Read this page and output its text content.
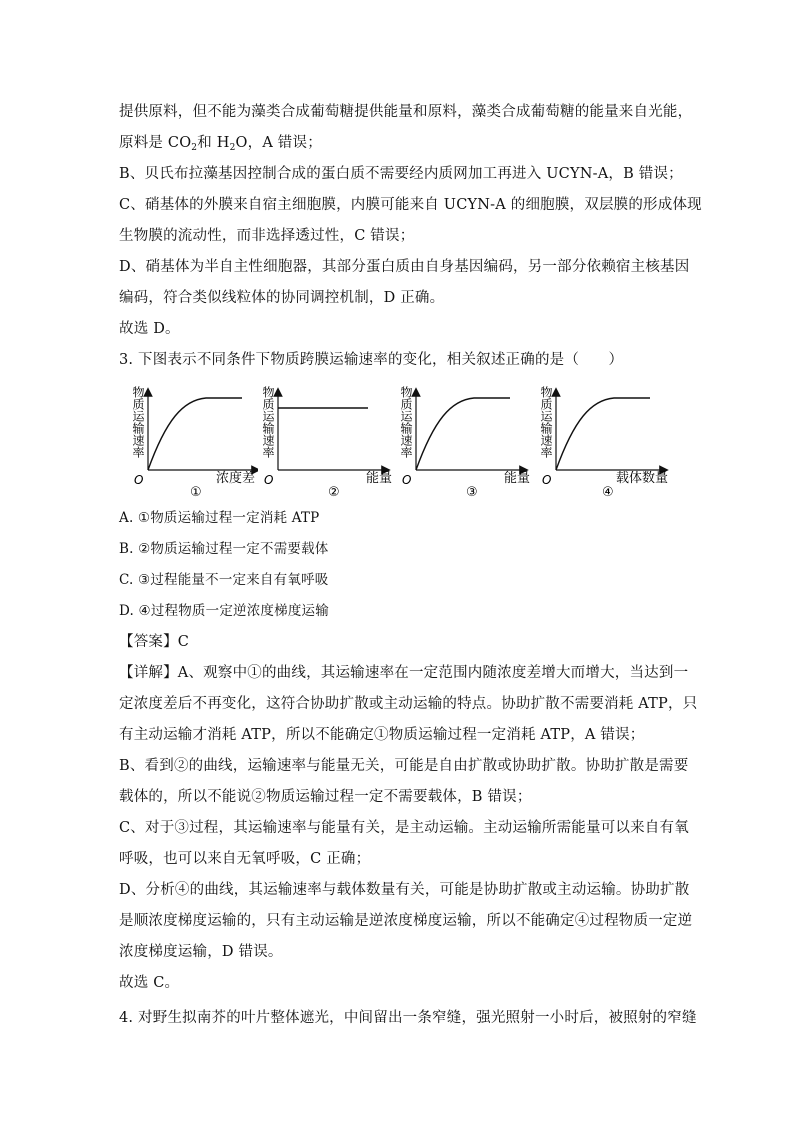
提供原料，但不能为藻类合成葡萄糖提供能量和原料，藻类合成葡萄糖的能量来自光能，
原料是 $CO_2$和 $H_2O$，A 错误；
B、贝氏布拉藻基因控制合成的蛋白质不需要经内质网加工再进入 UCYN-A，B 错误；
C、硝基体的外膜来自宿主细胞膜，内膜可能来自 UCYN-A 的细胞膜，双层膜的形成体现
生物膜的流动性，而非选择透过性，C 错误；
D、硝基体为半自主性细胞器，其部分蛋白质由自身基因编码，另一部分依赖宿主核基因
编码，符合类似线粒体的协同调控机制，D 正确。
故选 D。
3. 下图表示不同条件下物质跨膜运输速率的变化，相关叙述正确的是（　　）
物质运输速率
O	浓度差
①
物质运输速率
O	能量
②
物质运输速率
O	能量
③
物质运输速率
O	载体数量
④
A. ①物质运输过程一定消耗 ATP
B. ②物质运输过程一定不需要载体
C. ③过程能量不一定来自有氧呼吸
D. ④过程物质一定逆浓度梯度运输
【答案】C
【详解】A、观察中①的曲线，其运输速率在一定范围内随浓度差增大而增大，当达到一
定浓度差后不再变化，这符合协助扩散或主动运输的特点。协助扩散不需要消耗 ATP，只
有主动运输才消耗 ATP，所以不能确定①物质运输过程一定消耗 ATP，A 错误；
B、看到②的曲线，运输速率与能量无关，可能是自由扩散或协助扩散。协助扩散是需要
载体的，所以不能说②物质运输过程一定不需要载体，B 错误；
C、对于③过程，其运输速率与能量有关，是主动运输。主动运输所需能量可以来自有氧
呼吸，也可以来自无氧呼吸，C 正确；
D、分析④的曲线，其运输速率与载体数量有关，可能是协助扩散或主动运输。协助扩散
是顺浓度梯度运输的，只有主动运输是逆浓度梯度运输，所以不能确定④过程物质一定逆
浓度梯度运输，D 错误。
故选 C。
4. 对野生拟南芥的叶片整体遮光，中间留出一条窄缝，强光照射一小时后，被照射的窄缝
